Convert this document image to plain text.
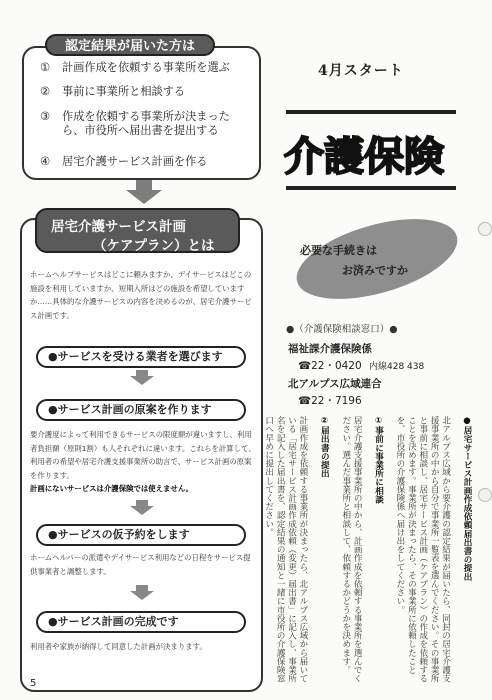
① 計画作成を依頼する事業所を選ぶ
② 事前に事業所と相談する
③ 作成を依頼する事業所が決まった
ら、市役所へ届出書を提出する
④ 居宅介護サービス計画を作る
認定結果が届いた方は
居宅介護サービス計画
（ケアプラン）とは
ホームヘルプサービスはどこに頼みますか、デイサービスはどこの施設を利用していますか、短期入所はどの施設を希望していますか……具体的な介護サービスの内容を決めるのが、居宅介護サービス計画です。
●サービスを受ける業者を選びます
●サービス計画の原案を作ります
要介護度によって利用できるサービスの限度額が違いますし、利用者負担額（原則1割）も人それぞれに違います。これらを計算して、利用者の希望や居宅介護支援事業所の助言で、サービス計画の原案を作ります。
計画にないサービスは介護保険では使えません。
●サービスの仮予約をします
ホームヘルパーの派遣やデイサービス利用などの日程をサービス提供事業者と調整します。
●サービス計画の完成です
利用者や家族が納得して同意した計画が決まります。
5
4月スタート
介護保険
必要な手続きは
お済みですか
●（介護保険相談窓口）●
福祉課介護保険係
☎22・0420 内線428 438
北アルプス広域連合
☎22・7196

●居宅サービス計画作成依頼届出書の提出

北アルプス広域から要介護の認定結果が届いたら、同封の居宅介護支援事業所の中から自分で事業所一覧表を選んでください。その事業所と事前に相談し、居宅サービス計画（ケアプラン）の作成を依頼することを決めます。事業所が決まったら、その事業所に依頼したことを、市役所の介護保険係へ届け出をしてください。

①事前に事業所に相談

居宅介護支援事業所の中から、計画作成を依頼する事業所を選んでください。選んだ事業所と相談して、依頼するかどうかを決めます。

②届出書の提出

計画作成を依頼する事業所が決まったら、北アルプス広域から届いている「居宅サービス計画作成依頼（変更）届出書」に記入し、事業所名を記入した届出書を、認定結果の通知と一緒に市役所の介護保険窓口へ早めに提出してください。
